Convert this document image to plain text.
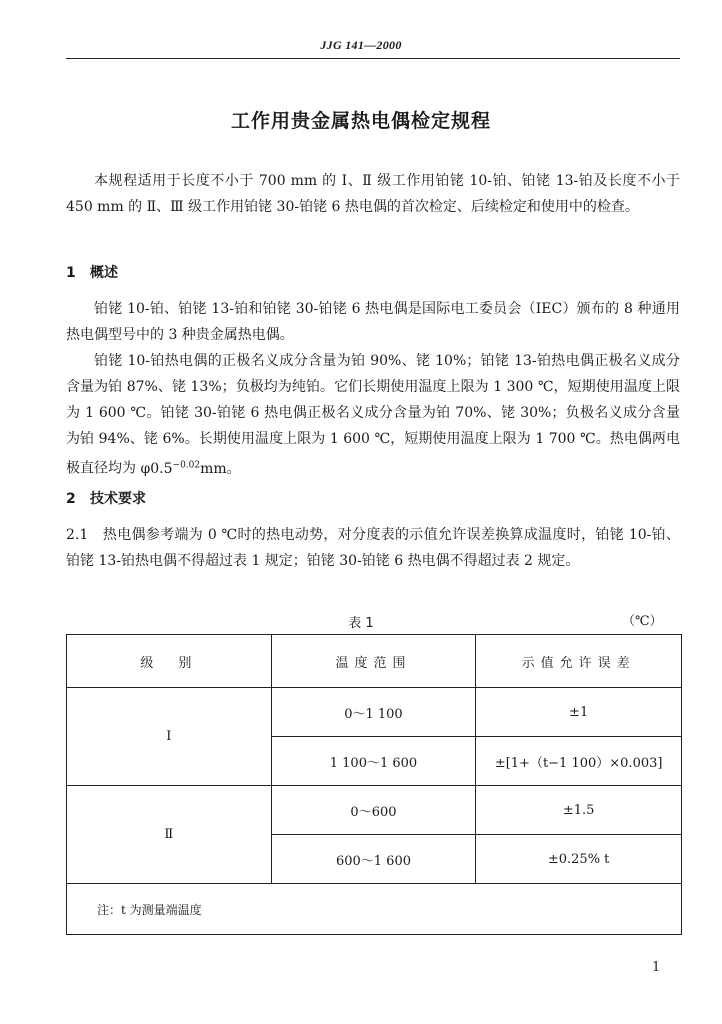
JJG 141—2000
工作用贵金属热电偶检定规程
本规程适用于长度不小于 700 mm 的 Ⅰ、Ⅱ 级工作用铂铑 10-铂、铂铑 13-铂及长度不小于 450 mm 的 Ⅱ、Ⅲ 级工作用铂铑 30-铂铑 6 热电偶的首次检定、后续检定和使用中的检查。
1 概述
铂铑 10-铂、铂铑 13-铂和铂铑 30-铂铑 6 热电偶是国际电工委员会（IEC）颁布的 8 种通用热电偶型号中的 3 种贵金属热电偶。
铂铑 10-铂热电偶的正极名义成分含量为铂 90%、铑 10%；铂铑 13-铂热电偶正极名义成分含量为铂 87%、铑 13%；负极均为纯铂。它们长期使用温度上限为 1 300 ℃，短期使用温度上限为 1 600 ℃。铂铑 30-铂铑 6 热电偶正极名义成分含量为铂 70%、铑 30%；负极名义成分含量为铂 94%、铑 6%。长期使用温度上限为 1 600 ℃，短期使用温度上限为 1 700 ℃。热电偶两电极直径均为 $\varphi 0.5^{-0.02}mm$。
2 技术要求
2.1　热电偶参考端为 0 ℃时的热电动势，对分度表的示值允许误差换算成温度时，铂铑 10-铂、铂铑 13-铂热电偶不得超过表 1 规定；铂铑 30-铂铑 6 热电偶不得超过表 2 规定。
表 1	（℃）
级　别	温度范围	示值允许误差
Ⅰ	0～1 100	±1
	1 100～1 600	±[1+（t−1 100）×0.003]
Ⅱ	0～600	±1.5
	600～1 600	±0.25% t
注：t 为测量端温度		
1
